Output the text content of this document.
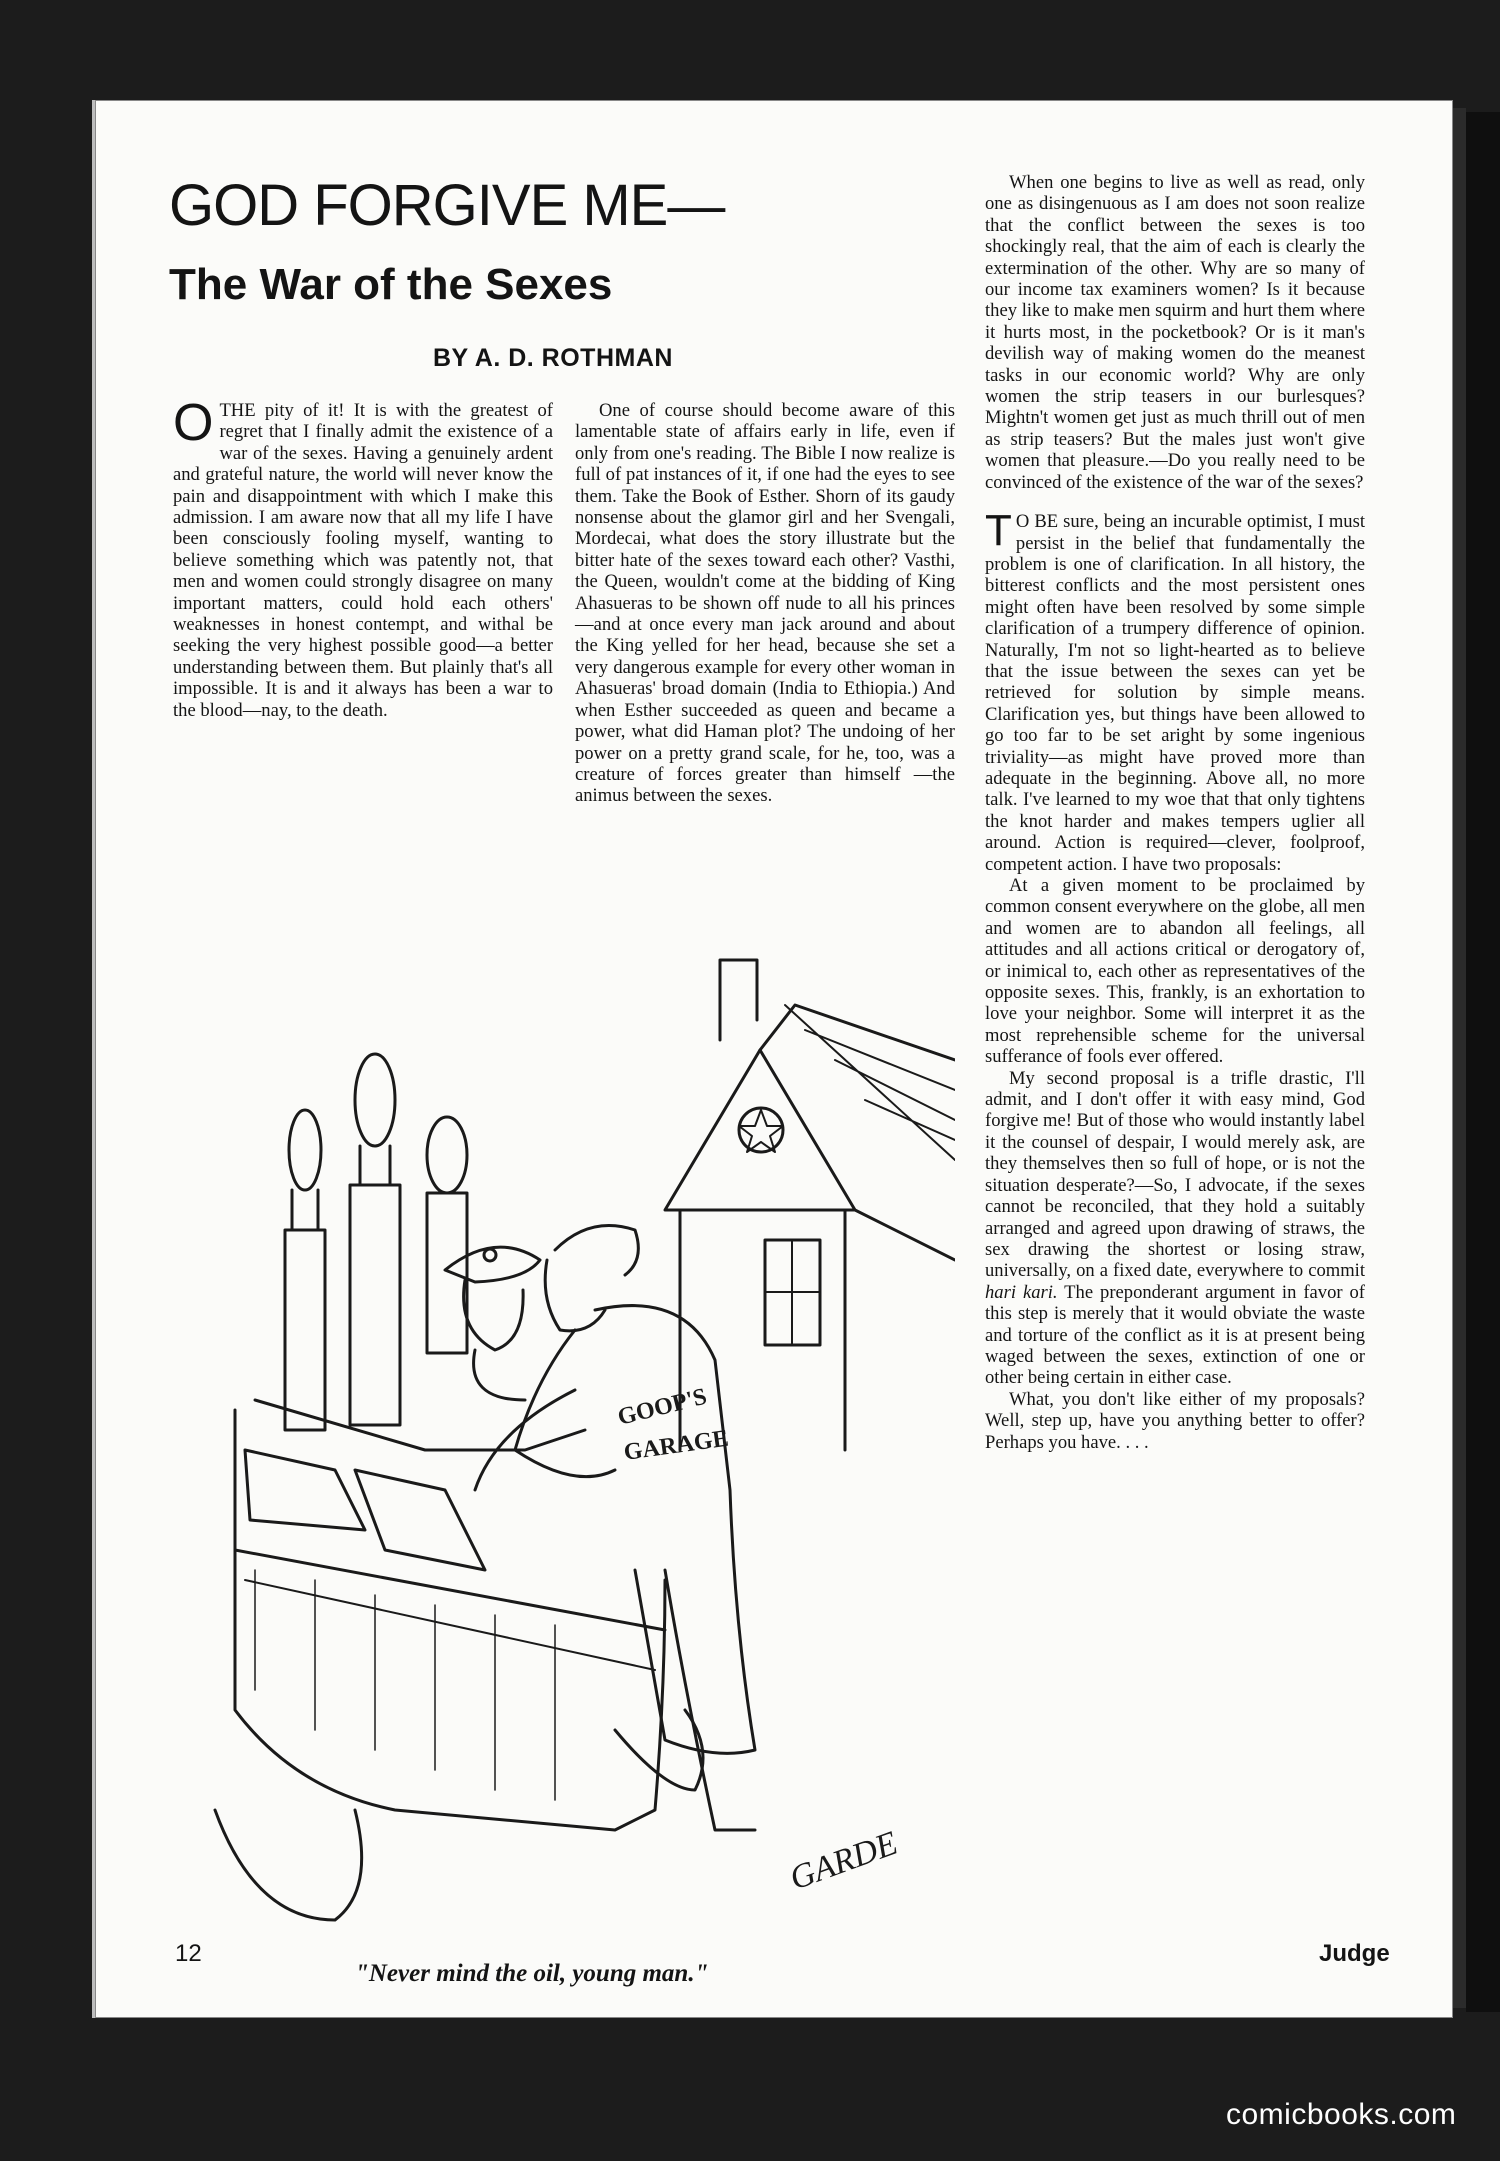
GOD FORGIVE ME—
The War of the Sexes
BY A. D. ROTHMAN

OTHE pity of it! It is with the greatest of regret that I finally admit the existence of a war of the sexes. Having a genuinely ardent and grateful nature, the world will never know the pain and disappointment with which I make this admission. I am aware now that all my life I have been consciously fooling myself, wanting to believe something which was patently not, that men and women could strongly disagree on many important matters, could hold each others' weaknesses in honest contempt, and withal be seeking the very highest possible good—a better understanding between them. But plainly that's all impossible. It is and it always has been a war to the blood—nay, to the death.

One of course should become aware of this lamentable state of affairs early in life, even if only from one's reading. The Bible I now realize is full of pat instances of it, if one had the eyes to see them. Take the Book of Esther. Shorn of its gaudy nonsense about the glamor girl and her Svengali, Mordecai, what does the story illustrate but the bitter hate of the sexes toward each other? Vasthi, the Queen, wouldn't come at the bidding of King Ahasueras to be shown off nude to all his princes—and at once every man jack around and about the King yelled for her head, because she set a very dangerous example for every other woman in Ahasueras' broad domain (India to Ethiopia.) And when Esther succeeded as queen and became a power, what did Haman plot? The undoing of her power on a pretty grand scale, for he, too, was a creature of forces greater than himself —the animus between the sexes.

When one begins to live as well as read, only one as disingenuous as I am does not soon realize that the conflict between the sexes is too shockingly real, that the aim of each is clearly the extermination of the other. Why are so many of our income tax examiners women? Is it because they like to make men squirm and hurt them where it hurts most, in the pocketbook? Or is it man's devilish way of making women do the meanest tasks in our economic world? Why are only women the strip teasers in our burlesques? Mightn't women get just as much thrill out of men as strip teasers? But the males just won't give women that pleasure.—Do you really need to be convinced of the existence of the war of the sexes?

T O BE sure, being an incurable optimist, I must persist in the belief that fundamentally the problem is one of clarification. In all history, the bitterest conflicts and the most persistent ones might often have been resolved by some simple clarification of a trumpery difference of opinion. Naturally, I'm not so light-hearted as to believe that the issue between the sexes can yet be retrieved for solution by simple means. Clarification yes, but things have been allowed to go too far to be set aright by some ingenious triviality—as might have proved more than adequate in the beginning. Above all, no more talk. I've learned to my woe that that only tightens the knot harder and makes tempers uglier all around. Action is required—clever, foolproof, competent action. I have two proposals:

At a given moment to be proclaimed by common consent everywhere on the globe, all men and women are to abandon all feelings, all attitudes and all actions critical or derogatory of, or inimical to, each other as representatives of the opposite sexes. This, frankly, is an exhortation to love your neighbor. Some will interpret it as the most reprehensible scheme for the universal sufferance of fools ever offered.

My second proposal is a trifle drastic, I'll admit, and I don't offer it with easy mind, God forgive me! But of those who would instantly label it the counsel of despair, I would merely ask, are they themselves then so full of hope, or is not the situation desperate?—So, I advocate, if the sexes cannot be reconciled, that they hold a suitably arranged and agreed upon drawing of straws, the sex drawing the shortest or losing straw, universally, on a fixed date, everywhere to commit hari kari. The preponderant argument in favor of this step is merely that it would obviate the waste and torture of the conflict as it is at present being waged between the sexes, extinction of one or other being certain in either case.

What, you don't like either of my proposals? Well, step up, have you anything better to offer? Perhaps you have. . . .

GOOP'S
GARAGE
GARDE
"Never mind the oil, young man."
12	Judge
comicbooks.com
